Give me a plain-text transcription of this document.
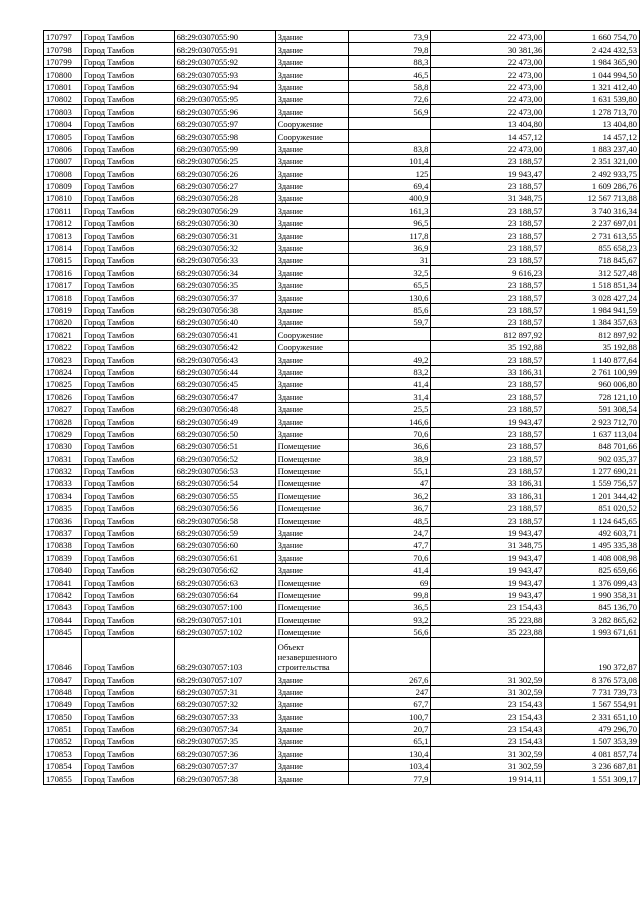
170797	Город Тамбов	68:29:0307055:90	Здание	73,9	22 473,00	1 660 754,70
170798	Город Тамбов	68:29:0307055:91	Здание	79,8	30 381,36	2 424 432,53
170799	Город Тамбов	68:29:0307055:92	Здание	88,3	22 473,00	1 984 365,90
170800	Город Тамбов	68:29:0307055:93	Здание	46,5	22 473,00	1 044 994,50
170801	Город Тамбов	68:29:0307055:94	Здание	58,8	22 473,00	1 321 412,40
170802	Город Тамбов	68:29:0307055:95	Здание	72,6	22 473,00	1 631 539,80
170803	Город Тамбов	68:29:0307055:96	Здание	56,9	22 473,00	1 278 713,70
170804	Город Тамбов	68:29:0307055:97	Сооружение		13 404,80	13 404,80
170805	Город Тамбов	68:29:0307055:98	Сооружение		14 457,12	14 457,12
170806	Город Тамбов	68:29:0307055:99	Здание	83,8	22 473,00	1 883 237,40
170807	Город Тамбов	68:29:0307056:25	Здание	101,4	23 188,57	2 351 321,00
170808	Город Тамбов	68:29:0307056:26	Здание	125	19 943,47	2 492 933,75
170809	Город Тамбов	68:29:0307056:27	Здание	69,4	23 188,57	1 609 286,76
170810	Город Тамбов	68:29:0307056:28	Здание	400,9	31 348,75	12 567 713,88
170811	Город Тамбов	68:29:0307056:29	Здание	161,3	23 188,57	3 740 316,34
170812	Город Тамбов	68:29:0307056:30	Здание	96,5	23 188,57	2 237 697,01
170813	Город Тамбов	68:29:0307056:31	Здание	117,8	23 188,57	2 731 613,55
170814	Город Тамбов	68:29:0307056:32	Здание	36,9	23 188,57	855 658,23
170815	Город Тамбов	68:29:0307056:33	Здание	31	23 188,57	718 845,67
170816	Город Тамбов	68:29:0307056:34	Здание	32,5	9 616,23	312 527,48
170817	Город Тамбов	68:29:0307056:35	Здание	65,5	23 188,57	1 518 851,34
170818	Город Тамбов	68:29:0307056:37	Здание	130,6	23 188,57	3 028 427,24
170819	Город Тамбов	68:29:0307056:38	Здание	85,6	23 188,57	1 984 941,59
170820	Город Тамбов	68:29:0307056:40	Здание	59,7	23 188,57	1 384 357,63
170821	Город Тамбов	68:29:0307056:41	Сооружение		812 897,92	812 897,92
170822	Город Тамбов	68:29:0307056:42	Сооружение		35 192,88	35 192,88
170823	Город Тамбов	68:29:0307056:43	Здание	49,2	23 188,57	1 140 877,64
170824	Город Тамбов	68:29:0307056:44	Здание	83,2	33 186,31	2 761 100,99
170825	Город Тамбов	68:29:0307056:45	Здание	41,4	23 188,57	960 006,80
170826	Город Тамбов	68:29:0307056:47	Здание	31,4	23 188,57	728 121,10
170827	Город Тамбов	68:29:0307056:48	Здание	25,5	23 188,57	591 308,54
170828	Город Тамбов	68:29:0307056:49	Здание	146,6	19 943,47	2 923 712,70
170829	Город Тамбов	68:29:0307056:50	Здание	70,6	23 188,57	1 637 113,04
170830	Город Тамбов	68:29:0307056:51	Помещение	36,6	23 188,57	848 701,66
170831	Город Тамбов	68:29:0307056:52	Помещение	38,9	23 188,57	902 035,37
170832	Город Тамбов	68:29:0307056:53	Помещение	55,1	23 188,57	1 277 690,21
170833	Город Тамбов	68:29:0307056:54	Помещение	47	33 186,31	1 559 756,57
170834	Город Тамбов	68:29:0307056:55	Помещение	36,2	33 186,31	1 201 344,42
170835	Город Тамбов	68:29:0307056:56	Помещение	36,7	23 188,57	851 020,52
170836	Город Тамбов	68:29:0307056:58	Помещение	48,5	23 188,57	1 124 645,65
170837	Город Тамбов	68:29:0307056:59	Здание	24,7	19 943,47	492 603,71
170838	Город Тамбов	68:29:0307056:60	Здание	47,7	31 348,75	1 495 335,38
170839	Город Тамбов	68:29:0307056:61	Здание	70,6	19 943,47	1 408 008,98
170840	Город Тамбов	68:29:0307056:62	Здание	41,4	19 943,47	825 659,66
170841	Город Тамбов	68:29:0307056:63	Помещение	69	19 943,47	1 376 099,43
170842	Город Тамбов	68:29:0307056:64	Помещение	99,8	19 943,47	1 990 358,31
170843	Город Тамбов	68:29:0307057:100	Помещение	36,5	23 154,43	845 136,70
170844	Город Тамбов	68:29:0307057:101	Помещение	93,2	35 223,88	3 282 865,62
170845	Город Тамбов	68:29:0307057:102	Помещение	56,6	35 223,88	1 993 671,61
170846	Город Тамбов	68:29:0307057:103	Объект незавершенного строительства			190 372,87
170847	Город Тамбов	68:29:0307057:107	Здание	267,6	31 302,59	8 376 573,08
170848	Город Тамбов	68:29:0307057:31	Здание	247	31 302,59	7 731 739,73
170849	Город Тамбов	68:29:0307057:32	Здание	67,7	23 154,43	1 567 554,91
170850	Город Тамбов	68:29:0307057:33	Здание	100,7	23 154,43	2 331 651,10
170851	Город Тамбов	68:29:0307057:34	Здание	20,7	23 154,43	479 296,70
170852	Город Тамбов	68:29:0307057:35	Здание	65,1	23 154,43	1 507 353,39
170853	Город Тамбов	68:29:0307057:36	Здание	130,4	31 302,59	4 081 857,74
170854	Город Тамбов	68:29:0307057:37	Здание	103,4	31 302,59	3 236 687,81
170855	Город Тамбов	68:29:0307057:38	Здание	77,9	19 914,11	1 551 309,17
